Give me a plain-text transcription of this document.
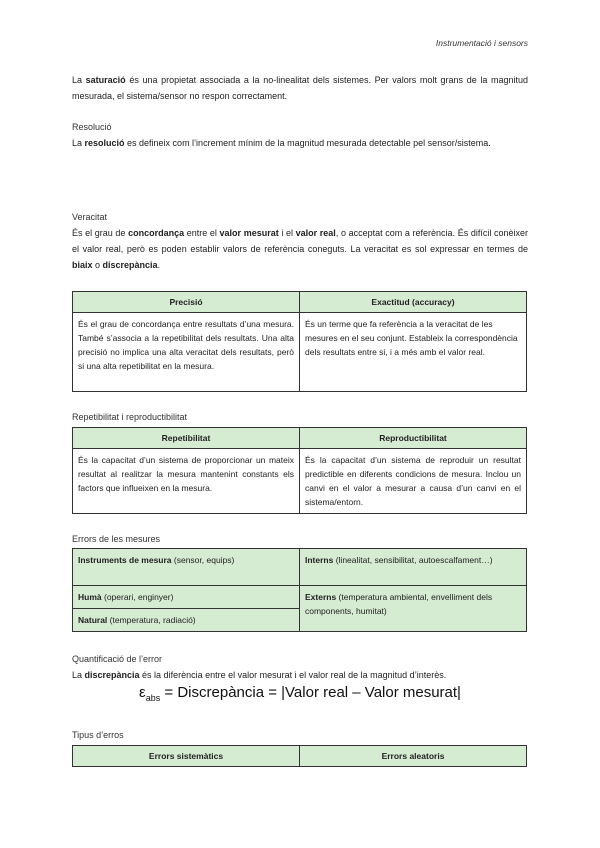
Instrumentació i sensors
La saturació és una propietat associada a la no-linealitat dels sistemes. Per valors molt grans de la magnitud mesurada, el sistema/sensor no respon correctament.
Resolució
La resolució es defineix com l’increment mínim de la magnitud mesurada detectable pel sensor/sistema.
Veracitat
És el grau de concordança entre el valor mesurat i el valor real, o acceptat com a referència. És difícil conèixer el valor real, però es poden establir valors de referència coneguts. La veracitat es sol expressar en termes de biaix o discrepància.
Precisió	Exactitud (accuracy)
És el grau de concordança entre resultats d’una mesura. També s’associa a la repetibilitat dels resultats. Una alta precisió no implica una alta veracitat dels resultats, però si una alta repetibilitat en la mesura.	És un terme que fa referència a la veracitat de les mesures en el seu conjunt. Estableix la correspondència dels resultats entre si, i a més amb el valor real.
Repetibilitat i reproductibilitat
Repetibilitat	Reproductibilitat
És la capacitat d’un sistema de proporcionar un mateix resultat al realitzar la mesura mantenint constants els factors que influeixen en la mesura.	És la capacitat d’un sistema de reproduir un resultat predictible en diferents condicions de mesura. Inclou un canvi en el valor a mesurar a causa d’un canvi en el sistema/entorn.
Errors de les mesures
Instruments de mesura (sensor, equips)	Interns (linealitat, sensibilitat, autoescalfament…)
Humà (operari, enginyer)	Externs (temperatura ambiental, envelliment dels components, humitat)
Natural (temperatura, radiació)	
Quantificació de l’error
La discrepància és la diferència entre el valor mesurat i el valor real de la magnitud d’interès.
$\varepsilon_{abs}$ = Discrepància = |Valor real – Valor mesurat|
Tipus d’erros
Errors sistemàtics	Errors aleatoris
